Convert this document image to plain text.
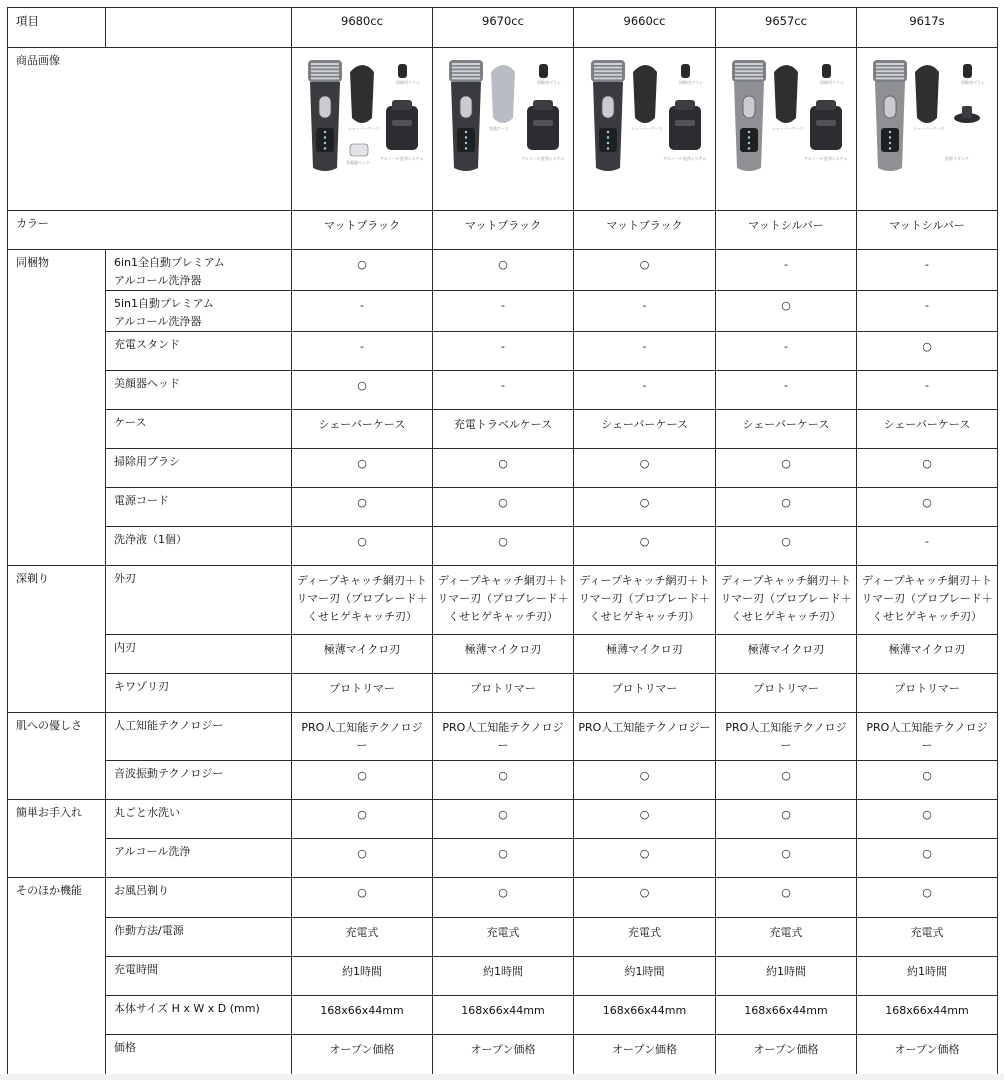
項目		9680cc	9670cc	9660cc	9657cc	9617s
商品画像		シェーバーケース
掃除用ブラシ
アルコール洗浄システム
美顔器ヘッド	充電ケース
掃除用ブラシ
アルコール洗浄システム	シェーバーケース
掃除用ブラシ
アルコール洗浄システム	シェーバーケース
掃除用ブラシ
アルコール洗浄システム	シェーバーケース
掃除用ブラシ
充電スタンド

カラー		マットブラック	マットブラック	マットブラック	マットシルバー	マットシルバー
同梱物	6in1全自動プレミアム
アルコール洗浄器	○	○	○	-	-
	5in1自動プレミアム
アルコール洗浄器	-	-	-	○	-
	充電スタンド	-	-	-	-	○
	美顔器ヘッド	○	-	-	-	-
	ケース	シェーバーケース	充電トラベルケース	シェーバーケース	シェーバーケース	シェーバーケース
	掃除用ブラシ	○	○	○	○	○
	電源コード	○	○	○	○	○
	洗浄液（1個）	○	○	○	○	-
深剃り	外刃	ディープキャッチ網刃＋トリマー刃（プロブレード＋くせヒゲキャッチ刃）	ディープキャッチ網刃＋トリマー刃（プロブレード＋くせヒゲキャッチ刃）	ディープキャッチ網刃＋トリマー刃（プロブレード＋くせヒゲキャッチ刃）	ディープキャッチ網刃＋トリマー刃（プロブレード＋くせヒゲキャッチ刃）	ディープキャッチ網刃＋トリマー刃（プロブレード＋くせヒゲキャッチ刃）
	内刃	極薄マイクロ刃	極薄マイクロ刃	極薄マイクロ刃	極薄マイクロ刃	極薄マイクロ刃
	キワゾリ刃	プロトリマー	プロトリマー	プロトリマー	プロトリマー	プロトリマー
肌への優しさ	人工知能テクノロジー	PRO人工知能テクノロジー	PRO人工知能テクノロジー	PRO人工知能テクノロジー	PRO人工知能テクノロジー	PRO人工知能テクノロジー
	音波振動テクノロジー	○	○	○	○	○
簡単お手入れ	丸ごと水洗い	○	○	○	○	○
	アルコール洗浄	○	○	○	○	○
そのほか機能	お風呂剃り	○	○	○	○	○
	作動方法/電源	充電式	充電式	充電式	充電式	充電式
	充電時間	約1時間	約1時間	約1時間	約1時間	約1時間
	本体サイズ H x W x D (mm)	168x66x44mm	168x66x44mm	168x66x44mm	168x66x44mm	168x66x44mm
	価格	オープン価格	オープン価格	オープン価格	オープン価格	オープン価格
